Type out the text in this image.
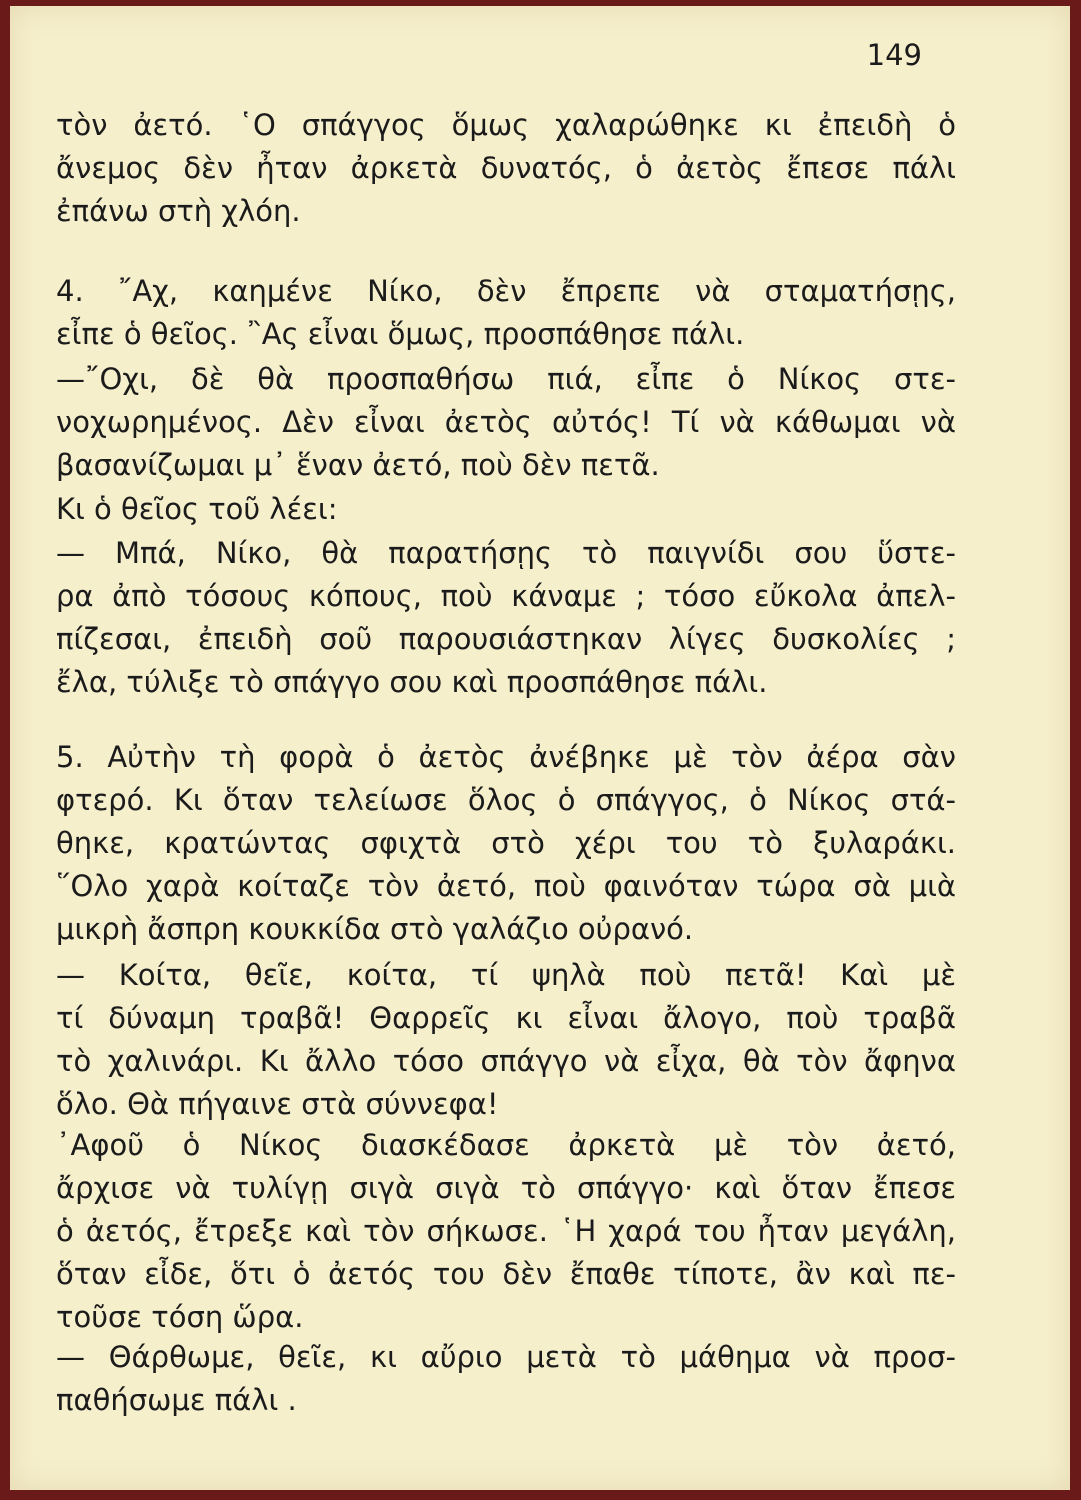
149
τὸν ἀετό. ῾Ο σπάγγος ὅμως χαλαρώθηκε κι ἐπειδὴ ὁ
ἄνεμος δὲν ἦταν ἀρκετὰ δυνατός, ὁ ἀετὸς ἔπεσε πάλι
ἐπάνω στὴ χλόη.
4. ῎Αχ, καημένε Νίκο, δὲν ἔπρεπε νὰ σταματήσῃς,
εἶπε ὁ θεῖος. ῍Ας εἶναι ὅμως, προσπάθησε πάλι.
—῎Οχι, δὲ θὰ προσπαθήσω πιά, εἶπε ὁ Νίκος στε-
νοχωρημένος. Δὲν εἶναι ἀετὸς αὐτός! Τί νὰ κάθωμαι νὰ
βασανίζωμαι μ᾽ ἕναν ἀετό, ποὺ δὲν πετᾶ.
Κι ὁ θεῖος τοῦ λέει:
— Μπά, Νίκο, θὰ παρατήσῃς τὸ παιγνίδι σου ὕστε-
ρα ἀπὸ τόσους κόπους, ποὺ κάναμε ; τόσο εὔκολα ἀπελ-
πίζεσαι, ἐπειδὴ σοῦ παρουσιάστηκαν λίγες δυσκολίες ;
ἔλα, τύλιξε τὸ σπάγγο σου καὶ προσπάθησε πάλι.
5. Αὐτὴν τὴ φορὰ ὁ ἀετὸς ἀνέβηκε μὲ τὸν ἀέρα σὰν
φτερό. Κι ὅταν τελείωσε ὅλος ὁ σπάγγος, ὁ Νίκος στά-
θηκε, κρατώντας σφιχτὰ στὸ χέρι του τὸ ξυλαράκι.
῞Ολο χαρὰ κοίταζε τὸν ἀετό, ποὺ φαινόταν τώρα σὰ μιὰ
μικρὴ ἄσπρη κουκκίδα στὸ γαλάζιο οὐρανό.
— Κοίτα, θεῖε, κοίτα, τί ψηλὰ ποὺ πετᾶ! Καὶ μὲ
τί δύναμη τραβᾶ! Θαρρεῖς κι εἶναι ἄλογο, ποὺ τραβᾶ
τὸ χαλινάρι. Κι ἄλλο τόσο σπάγγο νὰ εἶχα, θὰ τὸν ἄφηνα
ὅλο. Θὰ πήγαινε στὰ σύννεφα!
᾽Αφοῦ ὁ Νίκος διασκέδασε ἀρκετὰ μὲ τὸν ἀετό,
ἄρχισε νὰ τυλίγῃ σιγὰ σιγὰ τὸ σπάγγο· καὶ ὅταν ἔπεσε
ὁ ἀετός, ἔτρεξε καὶ τὸν σήκωσε. ῾Η χαρά του ἦταν μεγάλη,
ὅταν εἶδε, ὅτι ὁ ἀετός του δὲν ἔπαθε τίποτε, ἂν καὶ πε-
τοῦσε τόση ὥρα.
— Θάρθωμε, θεῖε, κι αὔριο μετὰ τὸ μάθημα νὰ προσ-
παθήσωμε πάλι .
